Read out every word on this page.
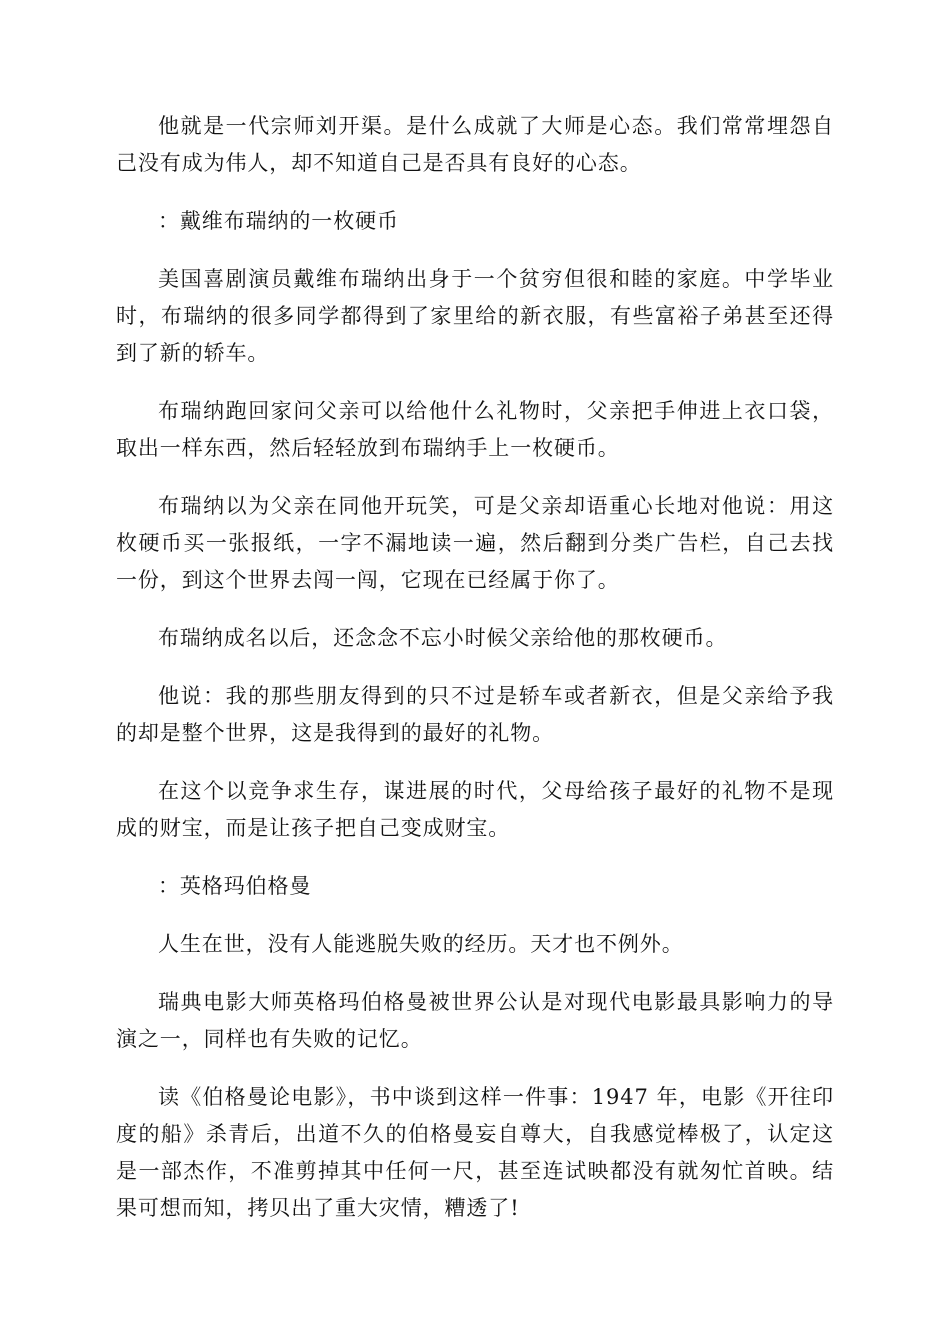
他就是一代宗师刘开渠。是什么成就了大师是心态。我们常常埋怨自己没有成为伟人，却不知道自己是否具有良好的心态。

：戴维布瑞纳的一枚硬币

美国喜剧演员戴维布瑞纳出身于一个贫穷但很和睦的家庭。中学毕业时，布瑞纳的很多同学都得到了家里给的新衣服，有些富裕子弟甚至还得到了新的轿车。

布瑞纳跑回家问父亲可以给他什么礼物时，父亲把手伸进上衣口袋，取出一样东西，然后轻轻放到布瑞纳手上一枚硬币。

布瑞纳以为父亲在同他开玩笑，可是父亲却语重心长地对他说：用这枚硬币买一张报纸，一字不漏地读一遍，然后翻到分类广告栏，自己去找一份，到这个世界去闯一闯，它现在已经属于你了。

布瑞纳成名以后，还念念不忘小时候父亲给他的那枚硬币。

他说：我的那些朋友得到的只不过是轿车或者新衣，但是父亲给予我的却是整个世界，这是我得到的最好的礼物。

在这个以竞争求生存，谋进展的时代，父母给孩子最好的礼物不是现成的财宝，而是让孩子把自己变成财宝。

：英格玛伯格曼

人生在世，没有人能逃脱失败的经历。天才也不例外。

瑞典电影大师英格玛伯格曼被世界公认是对现代电影最具影响力的导演之一，同样也有失败的记忆。

读《伯格曼论电影》，书中谈到这样一件事：1947 年，电影《开往印度的船》杀青后，出道不久的伯格曼妄自尊大，自我感觉棒极了，认定这是一部杰作，不准剪掉其中任何一尺，甚至连试映都没有就匆忙首映。结果可想而知，拷贝出了重大灾情，糟透了!
